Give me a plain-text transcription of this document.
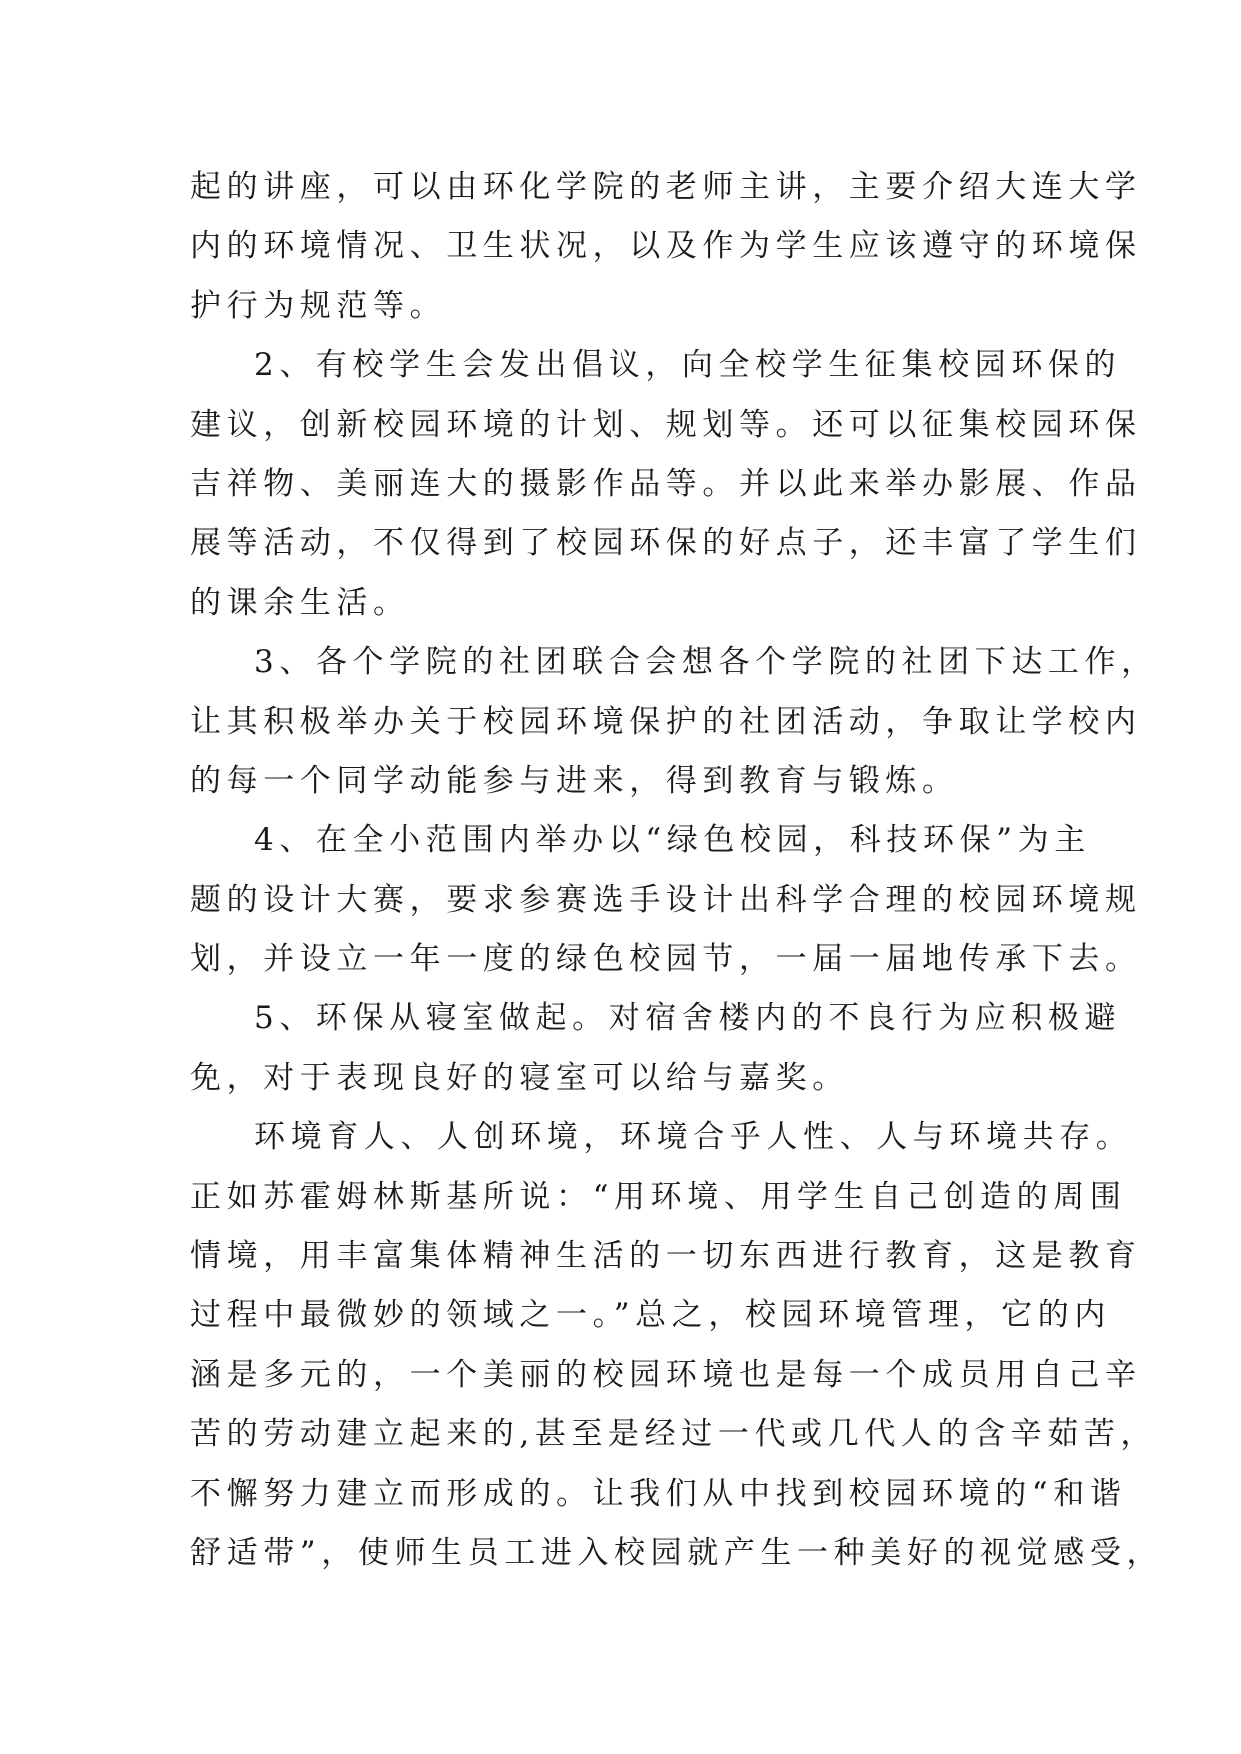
起的讲座，可以由环化学院的老师主讲，主要介绍大连大学
内的环境情况、卫生状况，以及作为学生应该遵守的环境保
护行为规范等。
2、有校学生会发出倡议，向全校学生征集校园环保的
建议，创新校园环境的计划、规划等。还可以征集校园环保
吉祥物、美丽连大的摄影作品等。并以此来举办影展、作品
展等活动，不仅得到了校园环保的好点子，还丰富了学生们
的课余生活。
3、各个学院的社团联合会想各个学院的社团下达工作，
让其积极举办关于校园环境保护的社团活动，争取让学校内
的每一个同学动能参与进来，得到教育与锻炼。
4、在全小范围内举办以“绿色校园，科技环保”为主
题的设计大赛，要求参赛选手设计出科学合理的校园环境规
划，并设立一年一度的绿色校园节，一届一届地传承下去。
5、环保从寝室做起。对宿舍楼内的不良行为应积极避
免，对于表现良好的寝室可以给与嘉奖。
环境育人、人创环境，环境合乎人性、人与环境共存。
正如苏霍姆林斯基所说：“用环境、用学生自己创造的周围
情境，用丰富集体精神生活的一切东西进行教育，这是教育
过程中最微妙的领域之一。”总之，校园环境管理，它的内
涵是多元的，一个美丽的校园环境也是每一个成员用自己辛
苦的劳动建立起来的,甚至是经过一代或几代人的含辛茹苦，
不懈努力建立而形成的。让我们从中找到校园环境的“和谐
舒适带”，使师生员工进入校园就产生一种美好的视觉感受，
